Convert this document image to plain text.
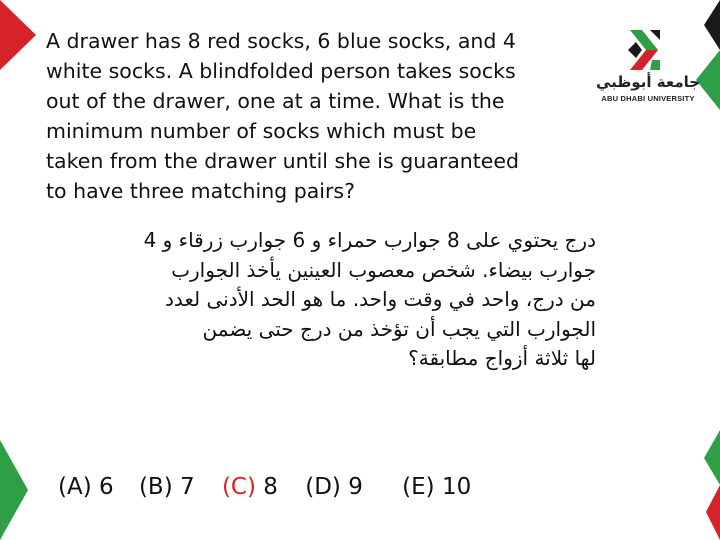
جامعة أبوظبي
ABU DHABI UNIVERSITY

A drawer has 8 red socks, 6 blue socks, and 4
white socks. A blindfolded person takes socks
out of the drawer, one at a time. What is the
minimum number of socks which must be
taken from the drawer until she is guaranteed
to have three matching pairs?

درج يحتوي على 8 جوارب حمراء و 6 جوارب زرقاء و 4
جوارب بيضاء. شخص معصوب العينين يأخذ الجوارب
من درج، واحد في وقت واحد. ما هو الحد الأدنى لعدد
الجوارب التي يجب أن تؤخذ من درج حتى يضمن
لها ثلاثة أزواج مطابقة؟

(A) 6 (B) 7 (C) 8 (D) 9 (E) 10
